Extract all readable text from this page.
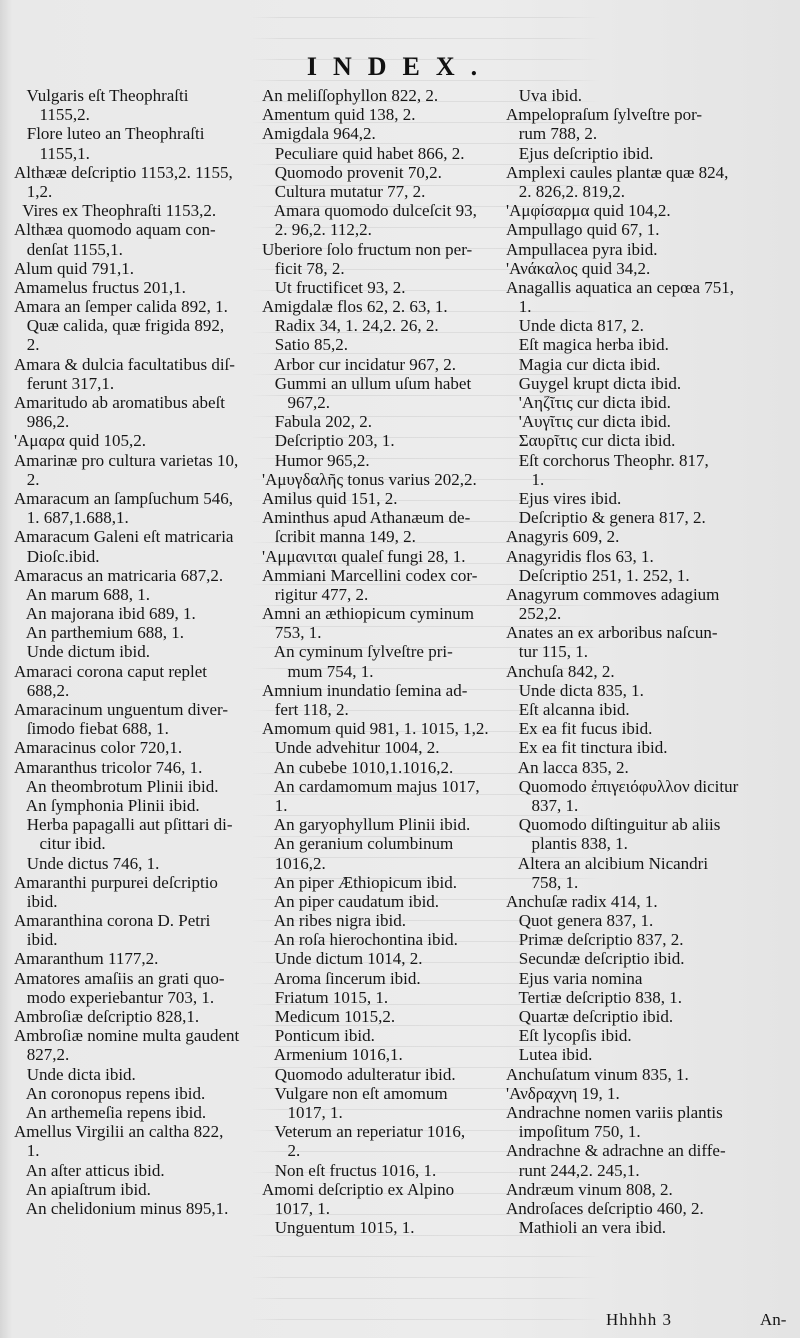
INDEX.
Vulgaris eſt Theophraſti
1155,2.
Flore luteo an Theophraſti
1155,1.
Althææ deſcriptio 1153,2. 1155,
1,2.
Vires ex Theophraſti 1153,2.
Althæa quomodo aquam con-
denſat 1155,1.
Alum quid 791,1.
Amamelus fructus 201,1.
Amara an ſemper calida 892, 1.
Quæ calida, quæ frigida 892,
2.
Amara & dulcia facultatibus diſ-
ferunt 317,1.
Amaritudo ab aromatibus abeſt
986,2.
'Αμαρα quid 105,2.
Amarinæ pro cultura varietas 10,
2.
Amaracum an ſampſuchum 546,
1. 687,1.688,1.
Amaracum Galeni eſt matricaria
Dioſc.ibid.
Amaracus an matricaria 687,2.
An marum 688, 1.
An majorana ibid 689, 1.
An parthemium 688, 1.
Unde dictum ibid.
Amaraci corona caput replet
688,2.
Amaracinum unguentum diver-
ſimodo fiebat 688, 1.
Amaracinus color 720,1.
Amaranthus tricolor 746, 1.
An theombrotum Plinii ibid.
An ſymphonia Plinii ibid.
Herba papagalli aut pſittari di-
citur ibid.
Unde dictus 746, 1.
Amaranthi purpurei deſcriptio
ibid.
Amaranthina corona D. Petri
ibid.
Amaranthum 1177,2.
Amatores amaſiis an grati quo-
modo experiebantur 703, 1.
Ambroſiæ deſcriptio 828,1.
Ambroſiæ nomine multa gaudent
827,2.
Unde dicta ibid.
An coronopus repens ibid.
An arthemeſia repens ibid.
Amellus Virgilii an caltha 822,
1.
An aſter atticus ibid.
An apiaſtrum ibid.
An chelidonium minus 895,1.
An meliſſophyllon 822, 2.
Amentum quid 138, 2.
Amigdala 964,2.
Peculiare quid habet 866, 2.
Quomodo provenit 70,2.
Cultura mutatur 77, 2.
Amara quomodo dulceſcit 93,
2. 96,2. 112,2.
Uberiore ſolo fructum non per-
ficit 78, 2.
Ut fructificet 93, 2.
Amigdalæ flos 62, 2. 63, 1.
Radix 34, 1. 24,2. 26, 2.
Satio 85,2.
Arbor cur incidatur 967, 2.
Gummi an ullum uſum habet
967,2.
Fabula 202, 2.
Deſcriptio 203, 1.
Humor 965,2.
'Αμυγδαλῆς tonus varius 202,2.
Amilus quid 151, 2.
Aminthus apud Athanæum de-
ſcribit manna 149, 2.
'Αμμανιται qualeſ fungi 28, 1.
Ammiani Marcellini codex cor-
rigitur 477, 2.
Amni an æthiopicum cyminum
753, 1.
An cyminum ſylveſtre pri-
mum 754, 1.
Amnium inundatio ſemina ad-
fert 118, 2.
Amomum quid 981, 1. 1015, 1,2.
Unde advehitur 1004, 2.
An cubebe 1010,1.1016,2.
An cardamomum majus 1017,
1.
An garyophyllum Plinii ibid.
An geranium columbinum
1016,2.
An piper Æthiopicum ibid.
An piper caudatum ibid.
An ribes nigra ibid.
An roſa hierochontina ibid.
Unde dictum 1014, 2.
Aroma ſincerum ibid.
Friatum 1015, 1.
Medicum 1015,2.
Ponticum ibid.
Armenium 1016,1.
Quomodo adulteratur ibid.
Vulgare non eſt amomum
1017, 1.
Veterum an reperiatur 1016,
2.
Non eſt fructus 1016, 1.
Amomi deſcriptio ex Alpino
1017, 1.
Unguentum 1015, 1.
Uva ibid.
Ampelopraſum ſylveſtre por-
rum 788, 2.
Ejus deſcriptio ibid.
Amplexi caules plantæ quæ 824,
2. 826,2. 819,2.
'Αμφίσαρμα quid 104,2.
Ampullago quid 67, 1.
Ampullacea pyra ibid.
'Ανάκαλος quid 34,2.
Anagallis aquatica an cepœa 751,
1.
Unde dicta 817, 2.
Eſt magica herba ibid.
Magia cur dicta ibid.
Guygel krupt dicta ibid.
'Αηζῖτις cur dicta ibid.
'Αυγῖτις cur dicta ibid.
Σαυρῖτις cur dicta ibid.
Eſt corchorus Theophr. 817,
1.
Ejus vires ibid.
Deſcriptio & genera 817, 2.
Anagyris 609, 2.
Anagyridis flos 63, 1.
Deſcriptio 251, 1. 252, 1.
Anagyrum commoves adagium
252,2.
Anates an ex arboribus naſcun-
tur 115, 1.
Anchuſa 842, 2.
Unde dicta 835, 1.
Eſt alcanna ibid.
Ex ea fit fucus ibid.
Ex ea fit tinctura ibid.
An lacca 835, 2.
Quomodo ἐπιγειόφυλλον dicitur
837, 1.
Quomodo diſtinguitur ab aliis
plantis 838, 1.
Altera an alcibium Nicandri
758, 1.
Anchuſæ radix 414, 1.
Quot genera 837, 1.
Primæ deſcriptio 837, 2.
Secundæ deſcriptio ibid.
Ejus varia nomina
Tertiæ deſcriptio 838, 1.
Quartæ deſcriptio ibid.
Eſt lycopſis ibid.
Lutea ibid.
Anchuſatum vinum 835, 1.
'Ανδραχνη 19, 1.
Andrachne nomen variis plantis
impoſitum 750, 1.
Andrachne & adrachne an diffe-
runt 244,2. 245,1.
Andræum vinum 808, 2.
Androſaces deſcriptio 460, 2.
Mathioli an vera ibid.
Hhhhh 3	An-
